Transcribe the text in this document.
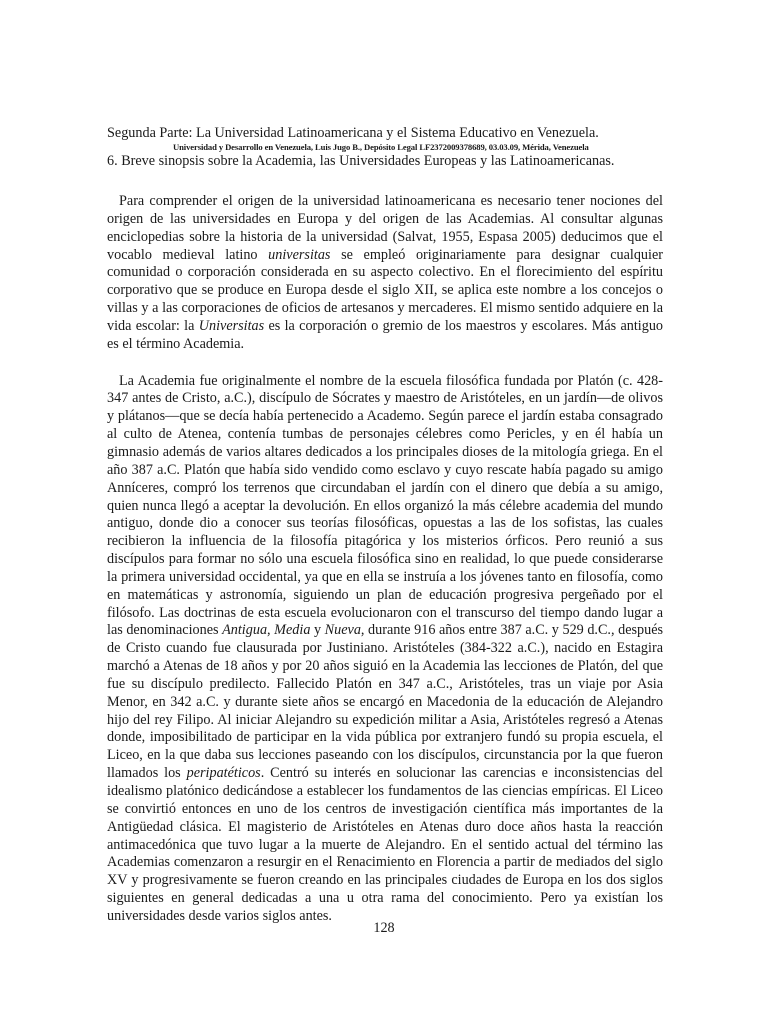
Segunda Parte: La Universidad Latinoamericana y el Sistema Educativo en Venezuela.

Universidad y Desarrollo en Venezuela, Luis Jugo B., Depósito Legal LF2372009378689, 03.03.09, Mérida, Venezuela

6. Breve sinopsis sobre la Academia, las Universidades Europeas y las Latinoamericanas.

Para comprender el origen de la universidad latinoamericana es necesario tener nociones del origen de las universidades en Europa y del origen de las Academias. Al consultar algunas enciclopedias sobre la historia de la universidad (Salvat, 1955, Espasa 2005) deducimos que el vocablo medieval latino universitas se empleó originariamente para designar cualquier comunidad o corporación considerada en su aspecto colectivo. En el florecimiento del espíritu corporativo que se produce en Europa desde el siglo XII, se aplica este nombre a los concejos o villas y a las corporaciones de oficios de artesanos y mercaderes. El mismo sentido adquiere en la vida escolar: la Universitas es la corporación o gremio de los maestros y escolares. Más antiguo es el término Academia.

La Academia fue originalmente el nombre de la escuela filosófica fundada por Platón (c. 428-347 antes de Cristo, a.C.), discípulo de Sócrates y maestro de Aristóteles, en un jardín—de olivos y plátanos—que se decía había pertenecido a Academo. Según parece el jardín estaba consagrado al culto de Atenea, contenía tumbas de personajes célebres como Pericles, y en él había un gimnasio además de varios altares dedicados a los principales dioses de la mitología griega. En el año 387 a.C. Platón que había sido vendido como esclavo y cuyo rescate había pagado su amigo Anníceres, compró los terrenos que circundaban el jardín con el dinero que debía a su amigo, quien nunca llegó a aceptar la devolución. En ellos organizó la más célebre academia del mundo antiguo, donde dio a conocer sus teorías filosóficas, opuestas a las de los sofistas, las cuales recibieron la influencia de la filosofía pitagórica y los misterios órficos. Pero reunió a sus discípulos para formar no sólo una escuela filosófica sino en realidad, lo que puede considerarse la primera universidad occidental, ya que en ella se instruía a los jóvenes tanto en filosofía, como en matemáticas y astronomía, siguiendo un plan de educación progresiva pergeñado por el filósofo. Las doctrinas de esta escuela evolucionaron con el transcurso del tiempo dando lugar a las denominaciones Antigua, Media y Nueva, durante 916 años entre 387 a.C. y 529 d.C., después de Cristo cuando fue clausurada por Justiniano. Aristóteles (384-322 a.C.), nacido en Estagira marchó a Atenas de 18 años y por 20 años siguió en la Academia las lecciones de Platón, del que fue su discípulo predilecto. Fallecido Platón en 347 a.C., Aristóteles, tras un viaje por Asia Menor, en 342 a.C. y durante siete años se encargó en Macedonia de la educación de Alejandro hijo del rey Filipo. Al iniciar Alejandro su expedición militar a Asia, Aristóteles regresó a Atenas donde, imposibilitado de participar en la vida pública por extranjero fundó su propia escuela, el Liceo, en la que daba sus lecciones paseando con los discípulos, circunstancia por la que fueron llamados los peripatéticos. Centró su interés en solucionar las carencias e inconsistencias del idealismo platónico dedicándose a establecer los fundamentos de las ciencias empíricas. El Liceo se convirtió entonces en uno de los centros de investigación científica más importantes de la Antigüedad clásica. El magisterio de Aristóteles en Atenas duro doce años hasta la reacción antimacedónica que tuvo lugar a la muerte de Alejandro. En el sentido actual del término las Academias comenzaron a resurgir en el Renacimiento en Florencia a partir de mediados del siglo XV y progresivamente se fueron creando en las principales ciudades de Europa en los dos siglos siguientes en general dedicadas a una u otra rama del conocimiento. Pero ya existían los universidades desde varios siglos antes.

128
